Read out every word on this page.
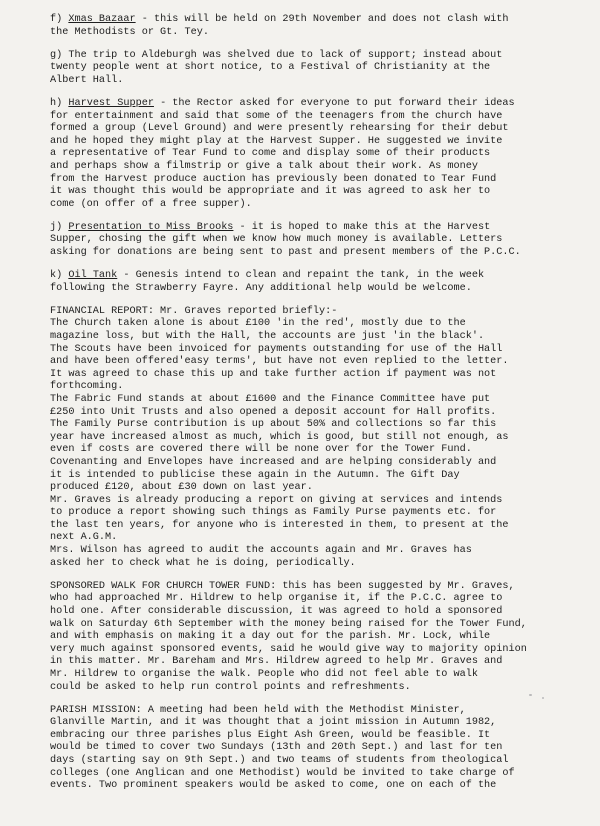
f) Xmas Bazaar - this will be held on 29th November and does not clash with
the Methodists or Gt. Tey.
g) The trip to Aldeburgh was shelved due to lack of support; instead about
twenty people went at short notice, to a Festival of Christianity at the
Albert Hall.
h) Harvest Supper - the Rector asked for everyone to put forward their ideas
for entertainment and said that some of the teenagers from the church have
formed a group (Level Ground) and were presently rehearsing for their debut
and he hoped they might play at the Harvest Supper. He suggested we invite
a representative of Tear Fund to come and display some of their products
and perhaps show a filmstrip or give a talk about their work. As money
from the Harvest produce auction has previously been donated to Tear Fund
it was thought this would be appropriate and it was agreed to ask her to
come (on offer of a free supper).
j) Presentation to Miss Brooks - it is hoped to make this at the Harvest
Supper, chosing the gift when we know how much money is available. Letters
asking for donations are being sent to past and present members of the P.C.C.
k) Oil Tank - Genesis intend to clean and repaint the tank, in the week
following the Strawberry Fayre. Any additional help would be welcome.
FINANCIAL REPORT: Mr. Graves reported briefly:-
The Church taken alone is about £100 'in the red', mostly due to the
magazine loss, but with the Hall, the accounts are just 'in the black'.
The Scouts have been invoiced for payments outstanding for use of the Hall
and have been offered'easy terms', but have not even replied to the letter.
It was agreed to chase this up and take further action if payment was not
forthcoming.
The Fabric Fund stands at about £1600 and the Finance Committee have put
£250 into Unit Trusts and also opened a deposit account for Hall profits.
The Family Purse contribution is up about 50% and collections so far this
year have increased almost as much, which is good, but still not enough, as
even if costs are covered there will be none over for the Tower Fund.
Covenanting and Envelopes have increased and are helping considerably and
it is intended to publicise these again in the Autumn. The Gift Day
produced £120, about £30 down on last year.
Mr. Graves is already producing a report on giving at services and intends
to produce a report showing such things as Family Purse payments etc. for
the last ten years, for anyone who is interested in them, to present at the
next A.G.M.
Mrs. Wilson has agreed to audit the accounts again and Mr. Graves has
asked her to check what he is doing, periodically.
SPONSORED WALK FOR CHURCH TOWER FUND: this has been suggested by Mr. Graves,
who had approached Mr. Hildrew to help organise it, if the P.C.C. agree to
hold one. After considerable discussion, it was agreed to hold a sponsored
walk on Saturday 6th September with the money being raised for the Tower Fund,
and with emphasis on making it a day out for the parish. Mr. Lock, while
very much against sponsored events, said he would give way to majority opinion
in this matter. Mr. Bareham and Mrs. Hildrew agreed to help Mr. Graves and
Mr. Hildrew to organise the walk. People who did not feel able to walk
could be asked to help run control points and refreshments.
PARISH MISSION: A meeting had been held with the Methodist Minister,
Glanville Martin, and it was thought that a joint mission in Autumn 1982,
embracing our three parishes plus Eight Ash Green, would be feasible. It
would be timed to cover two Sundays (13th and 20th Sept.) and last for ten
days (starting say on 9th Sept.) and two teams of students from theological
colleges (one Anglican and one Methodist) would be invited to take charge of
events. Two prominent speakers would be asked to come, one on each of the
